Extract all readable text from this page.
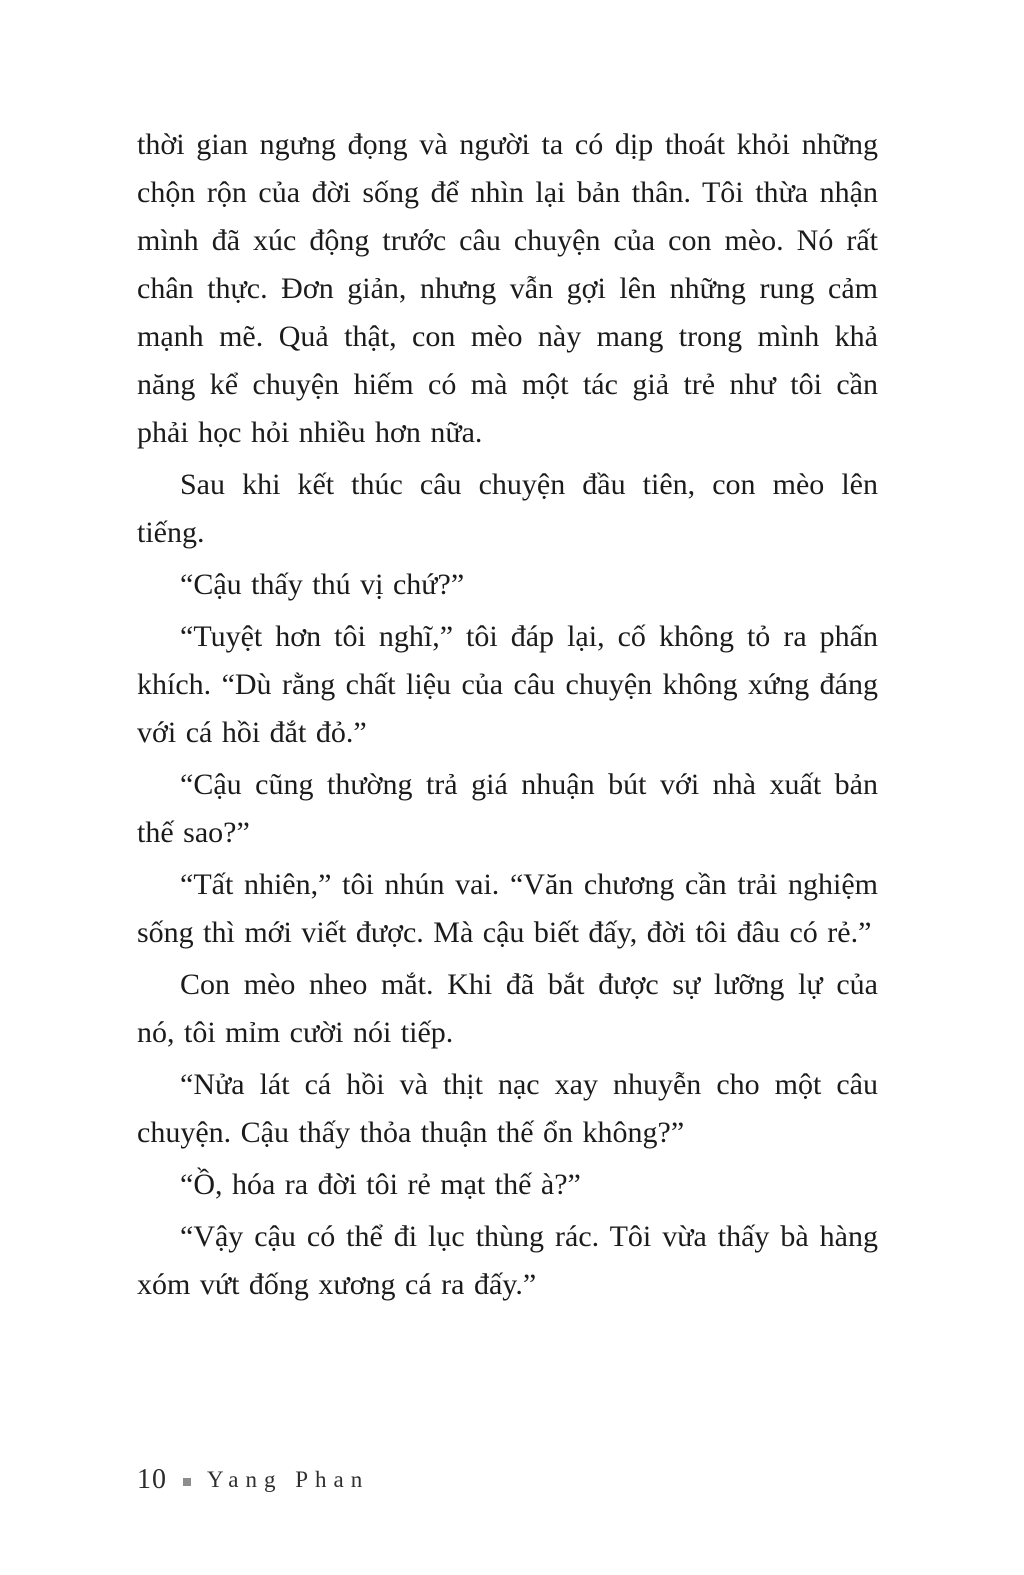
thời gian ngưng đọng và người ta có dịp thoát khỏi những chộn rộn của đời sống để nhìn lại bản thân. Tôi thừa nhận mình đã xúc động trước câu chuyện của con mèo. Nó rất chân thực. Đơn giản, nhưng vẫn gợi lên những rung cảm mạnh mẽ. Quả thật, con mèo này mang trong mình khả năng kể chuyện hiếm có mà một tác giả trẻ như tôi cần phải học hỏi nhiều hơn nữa.

Sau khi kết thúc câu chuyện đầu tiên, con mèo lên tiếng.

“Cậu thấy thú vị chứ?”

“Tuyệt hơn tôi nghĩ,” tôi đáp lại, cố không tỏ ra phấn khích. “Dù rằng chất liệu của câu chuyện không xứng đáng với cá hồi đắt đỏ.”

“Cậu cũng thường trả giá nhuận bút với nhà xuất bản thế sao?”

“Tất nhiên,” tôi nhún vai. “Văn chương cần trải nghiệm sống thì mới viết được. Mà cậu biết đấy, đời tôi đâu có rẻ.”

Con mèo nheo mắt. Khi đã bắt được sự lưỡng lự của nó, tôi mỉm cười nói tiếp.

“Nửa lát cá hồi và thịt nạc xay nhuyễn cho một câu chuyện. Cậu thấy thỏa thuận thế ổn không?”

“Ồ, hóa ra đời tôi rẻ mạt thế à?”

“Vậy cậu có thể đi lục thùng rác. Tôi vừa thấy bà hàng xóm vứt đống xương cá ra đấy.”

10 Yang Phan
